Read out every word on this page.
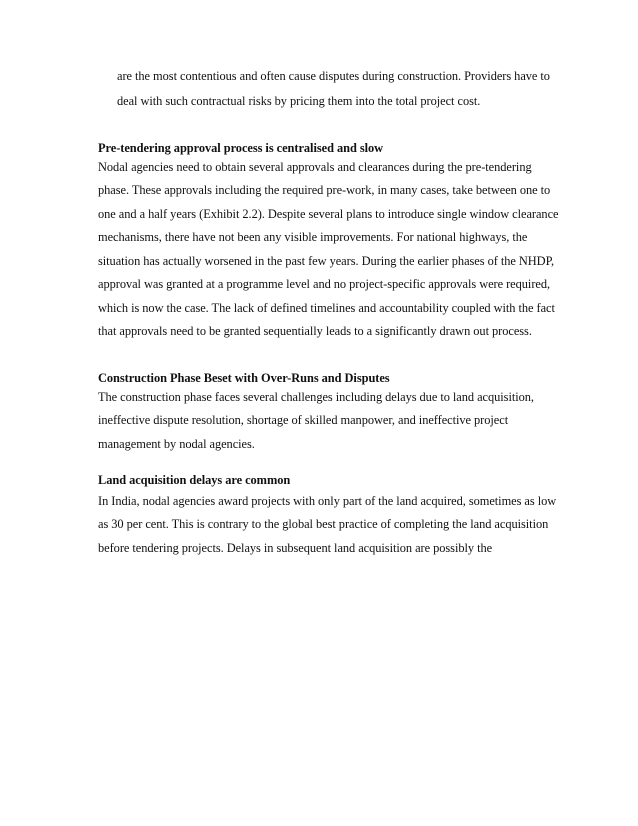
are the most contentious and often cause disputes during construction. Providers have to
deal with such contractual risks by pricing them into the total project cost.
Pre-tendering approval process is centralised and slow
Nodal agencies need to obtain several approvals and clearances during the pre-tendering
phase. These approvals including the required pre-work, in many cases, take between one to
one and a half years (Exhibit 2.2). Despite several plans to introduce single window clearance
mechanisms, there have not been any visible improvements. For national highways, the
situation has actually worsened in the past few years. During the earlier phases of the NHDP,
approval was granted at a programme level and no project-specific approvals were required,
which is now the case. The lack of defined timelines and accountability coupled with the fact
that approvals need to be granted sequentially leads to a significantly drawn out process.
Construction Phase Beset with Over-Runs and Disputes
The construction phase faces several challenges including delays due to land acquisition,
ineffective dispute resolution, shortage of skilled manpower, and ineffective project
management by nodal agencies.
Land acquisition delays are common
In India, nodal agencies award projects with only part of the land acquired, sometimes as low
as 30 per cent. This is contrary to the global best practice of completing the land acquisition
before tendering projects. Delays in subsequent land acquisition are possibly the
